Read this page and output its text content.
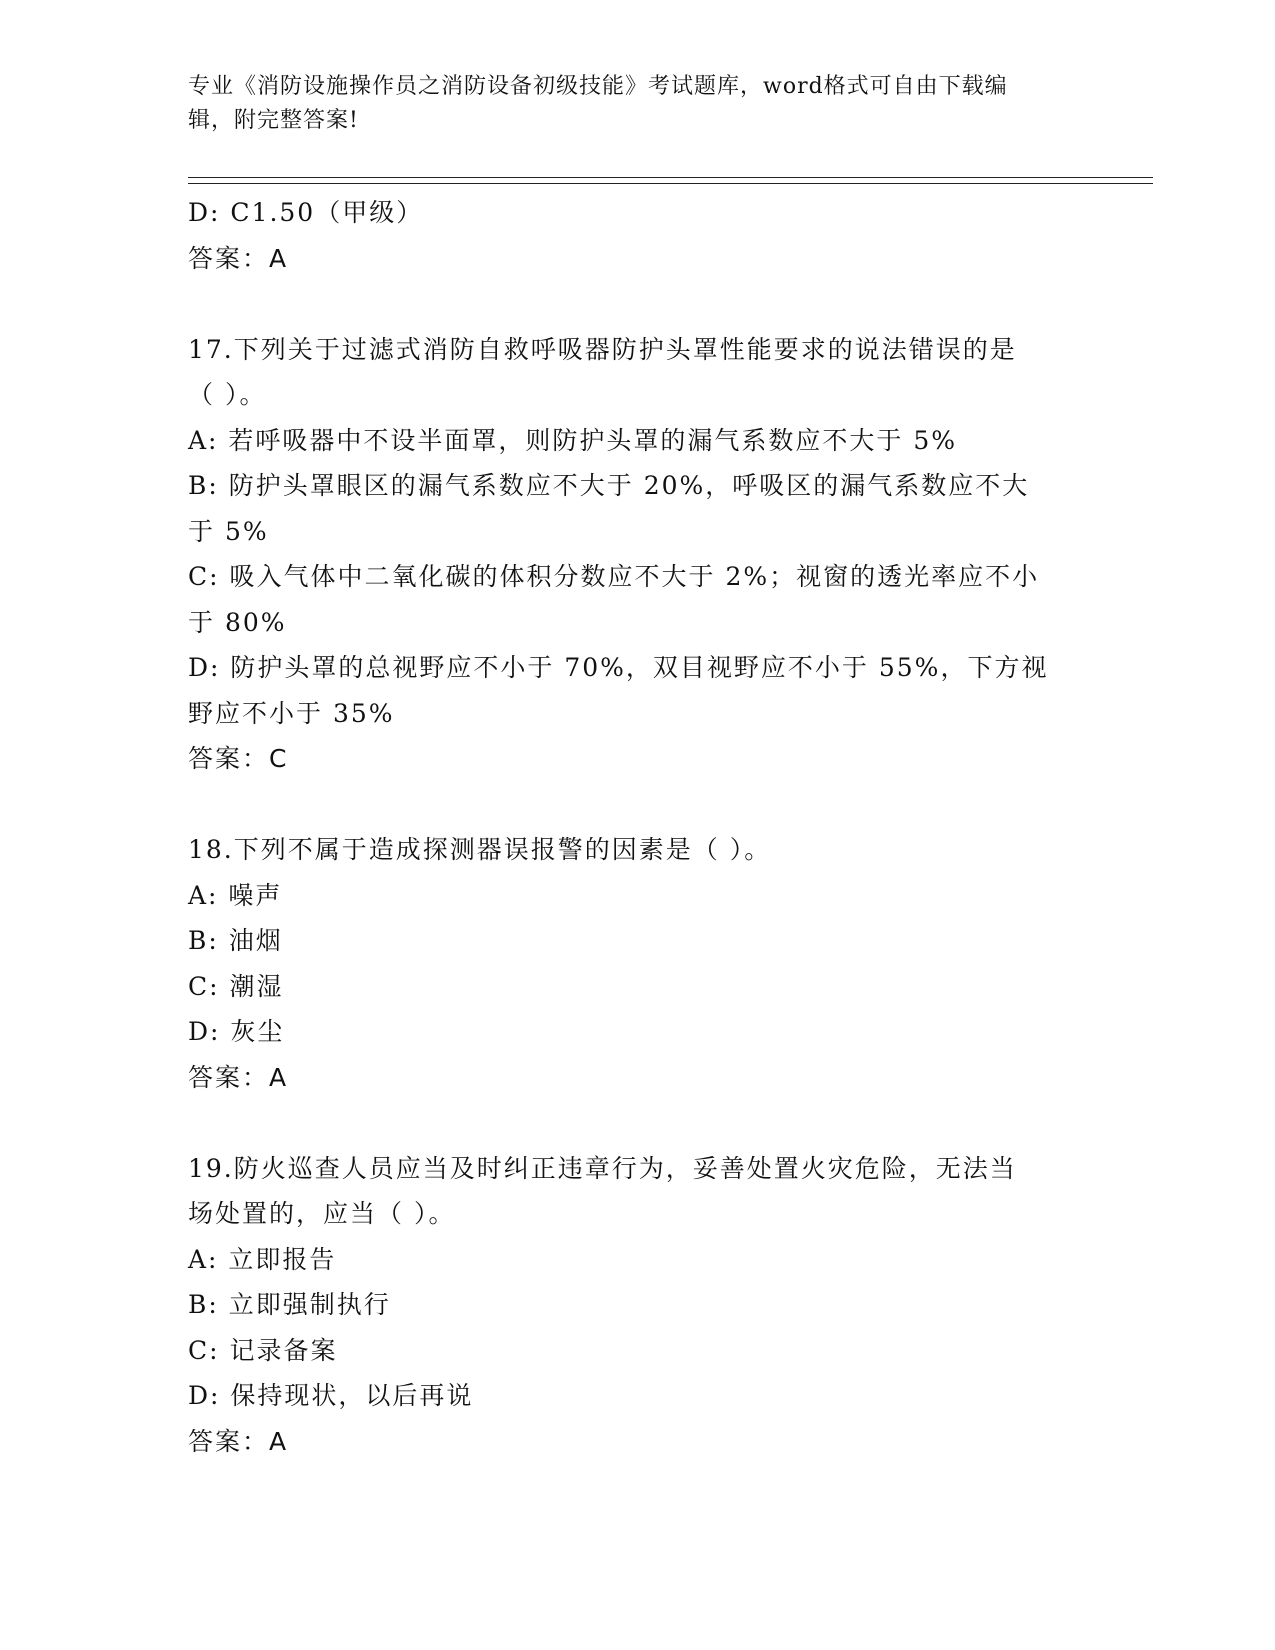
专业《消防设施操作员之消防设备初级技能》考试题库，word格式可自由下载编
辑，附完整答案!
D: C1.50（甲级）
答案：A
17.下列关于过滤式消防自救呼吸器防护头罩性能要求的说法错误的是
（ ）。
A: 若呼吸器中不设半面罩，则防护头罩的漏气系数应不大于 5%
B: 防护头罩眼区的漏气系数应不大于 20%，呼吸区的漏气系数应不大
于 5%
C: 吸入气体中二氧化碳的体积分数应不大于 2%；视窗的透光率应不小
于 80%
D: 防护头罩的总视野应不小于 70%，双目视野应不小于 55%，下方视
野应不小于 35%
答案：C
18.下列不属于造成探测器误报警的因素是（ ）。
A: 噪声
B: 油烟
C: 潮湿
D: 灰尘
答案：A
19.防火巡查人员应当及时纠正违章行为，妥善处置火灾危险，无法当
场处置的，应当（ ）。
A: 立即报告
B: 立即强制执行
C: 记录备案
D: 保持现状，以后再说
答案：A
